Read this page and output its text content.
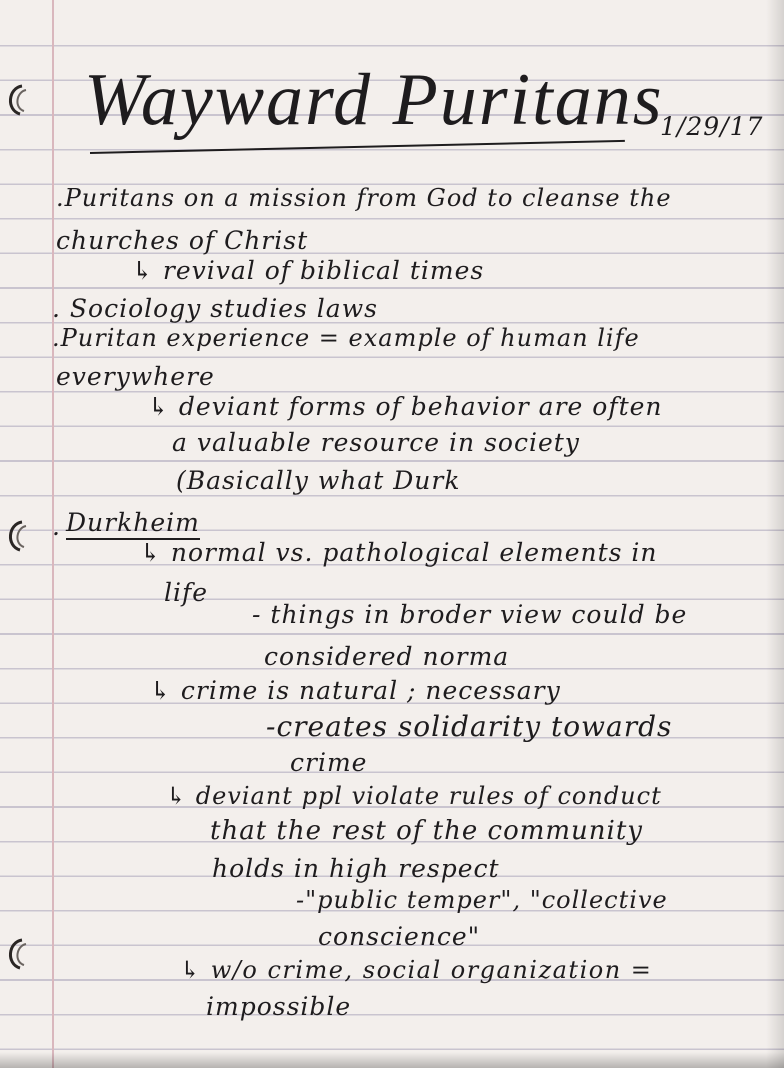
Wayward Puritans
1/29/17
.Puritans on a mission from God to cleanse the
churches of Christ
↳ revival of biblical times
. Sociology studies laws
.Puritan experience = example of human life
everywhere
↳ deviant forms of behavior are often
a valuable resource in society
(Basically what Durk
. Durkheim
↳ normal vs. pathological elements in
life
- things in broder view could be
considered norma
↳ crime is natural ; necessary
-creates solidarity towards
crime
↳ deviant ppl violate rules of conduct
that the rest of the community
holds in high respect
-"public temper", "collective
conscience"
↳ w/o crime, social organization =
impossible
